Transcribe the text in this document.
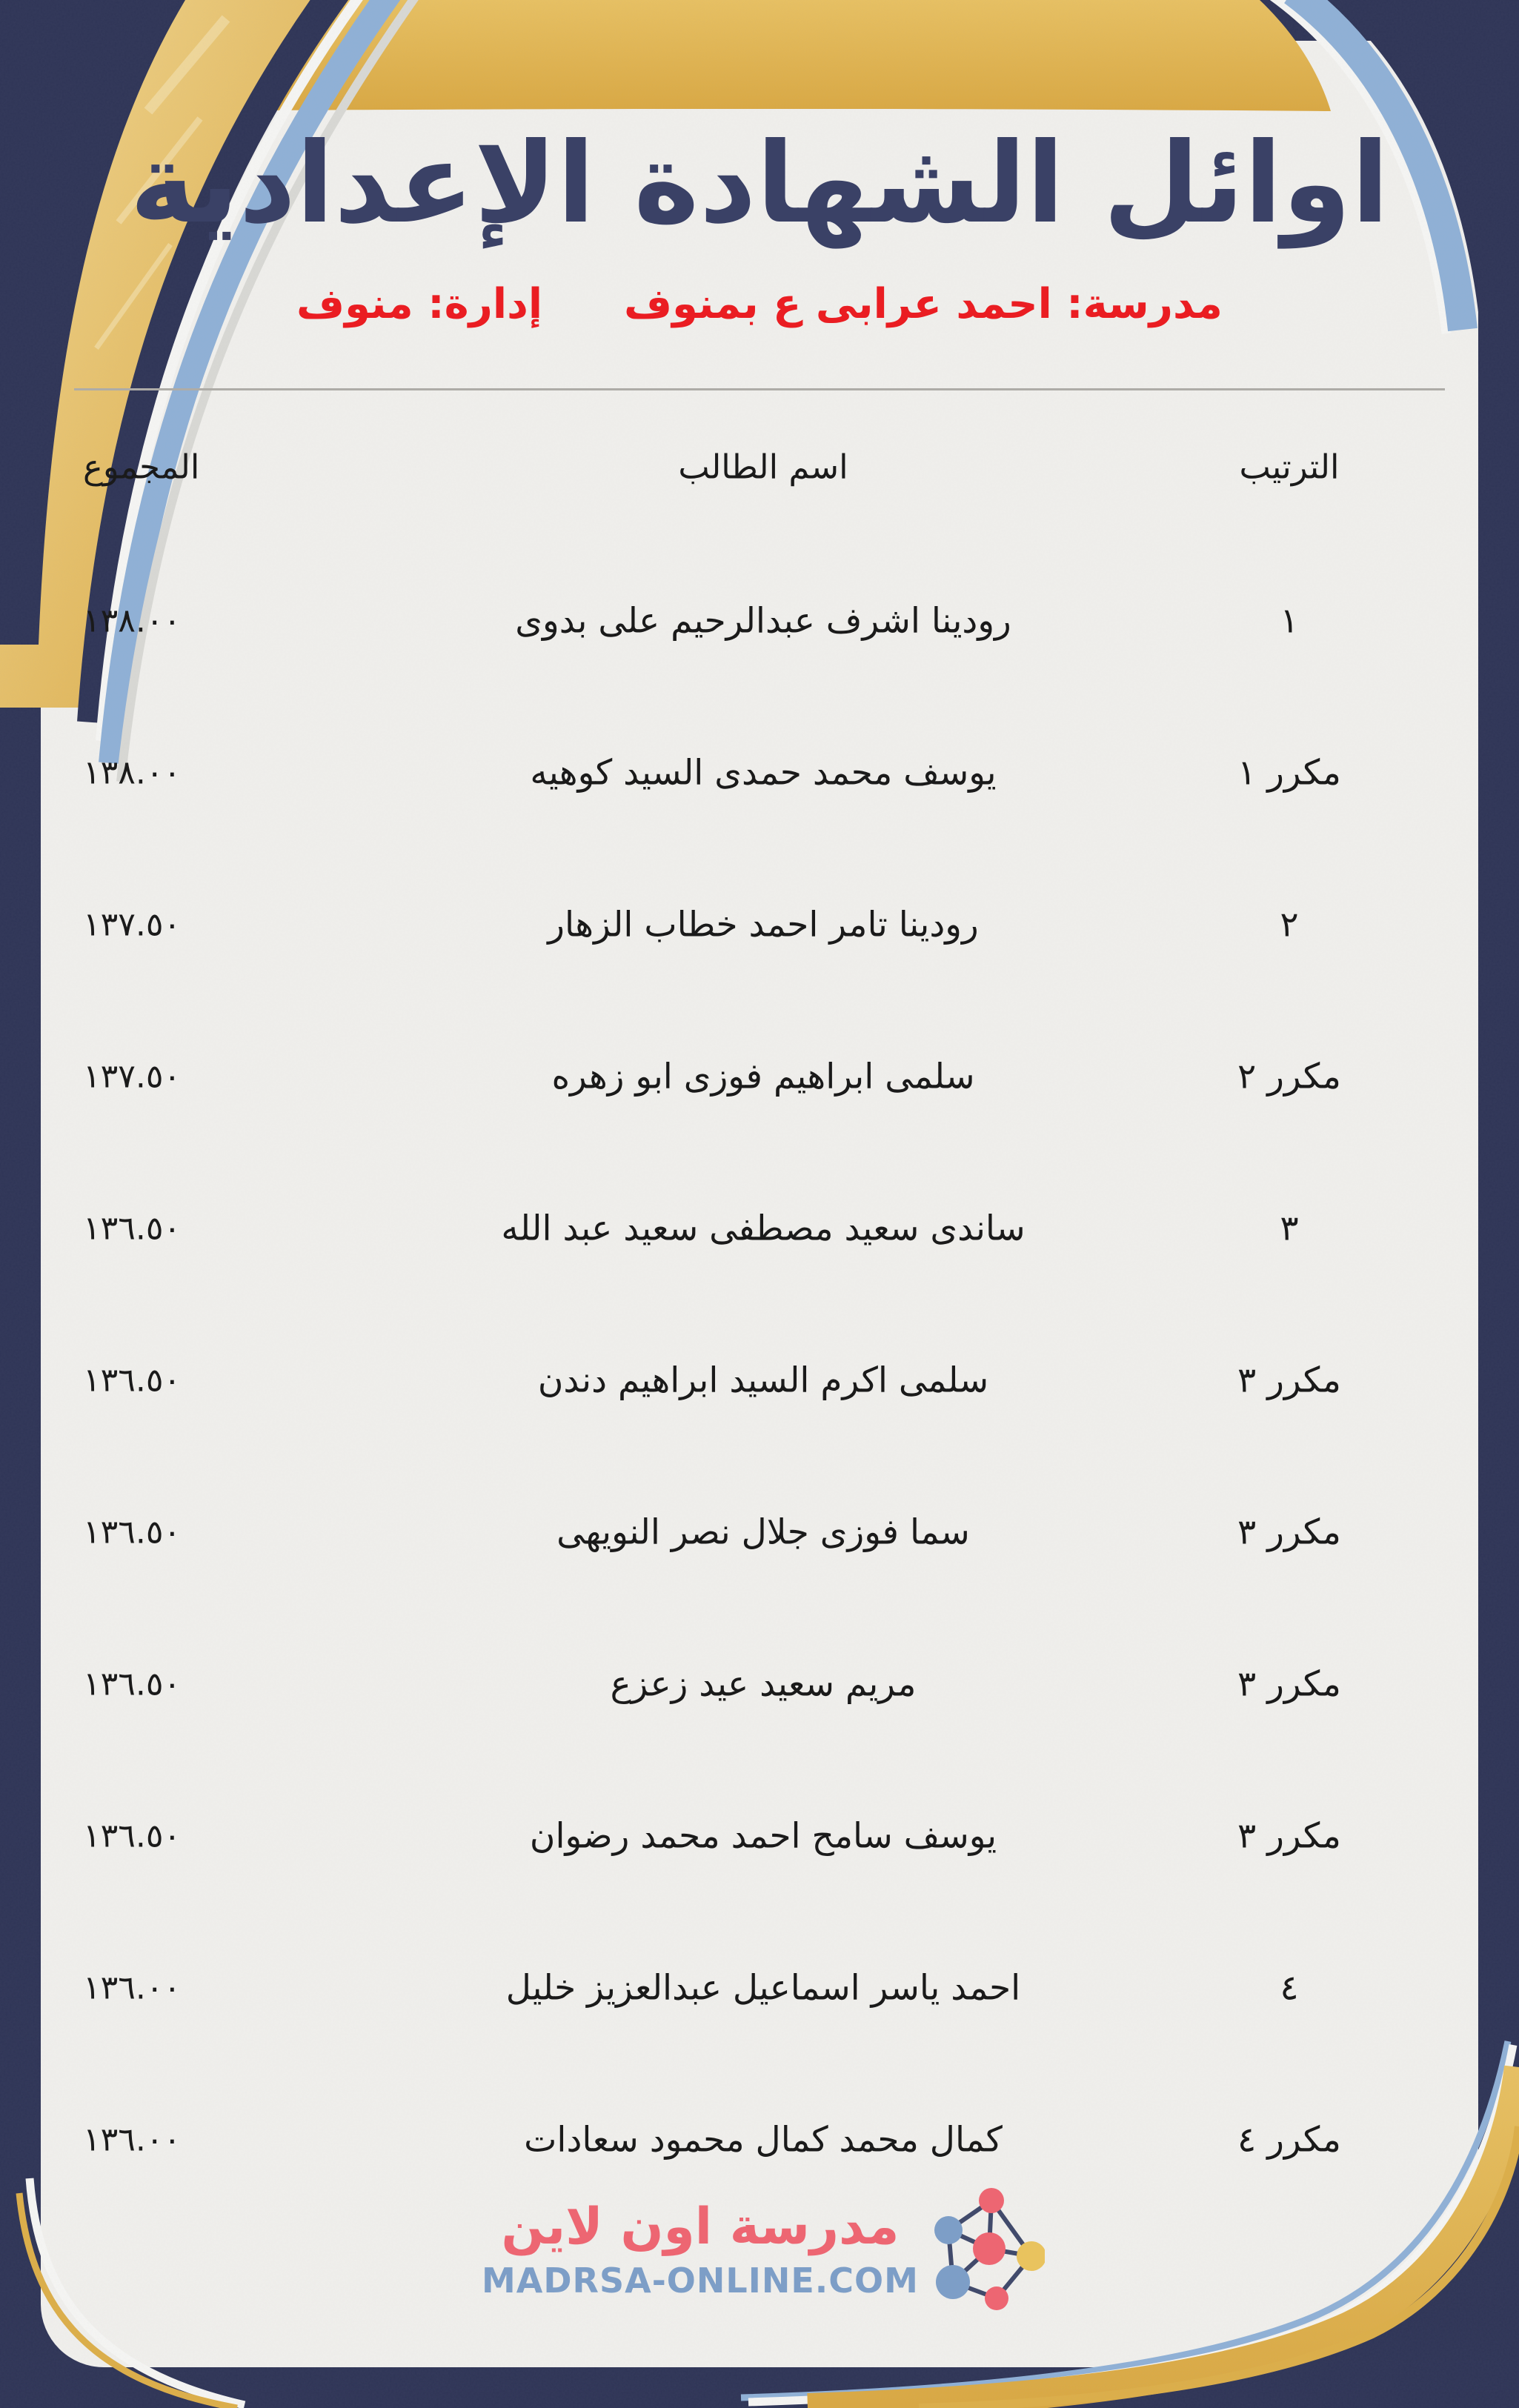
اوائل الشهادة الإعدادية
مدرسة: احمد عرابى ع بمنوف
إدارة: منوف
المجموع	اسم الطالب	الترتيب
١٣٨.٠٠	رودينا اشرف عبدالرحيم على بدوى	١
١٣٨.٠٠	يوسف محمد حمدى السيد كوهيه	مكرر ١
١٣٧.٥٠	رودينا تامر احمد خطاب الزهار	٢
١٣٧.٥٠	سلمى ابراهيم فوزى ابو زهره	مكرر ٢
١٣٦.٥٠	ساندى سعيد مصطفى سعيد عبد الله	٣
١٣٦.٥٠	سلمى اكرم السيد ابراهيم دندن	مكرر ٣
١٣٦.٥٠	سما فوزى جلال نصر النويهى	مكرر ٣
١٣٦.٥٠	مريم سعيد عيد زعزع	مكرر ٣
١٣٦.٥٠	يوسف سامح احمد محمد رضوان	مكرر ٣
١٣٦.٠٠	احمد ياسر اسماعيل عبدالعزيز خليل	٤
١٣٦.٠٠	كمال محمد كمال محمود سعادات	مكرر ٤
مدرسة اون لاين
MADRSA-ONLINE.COM
